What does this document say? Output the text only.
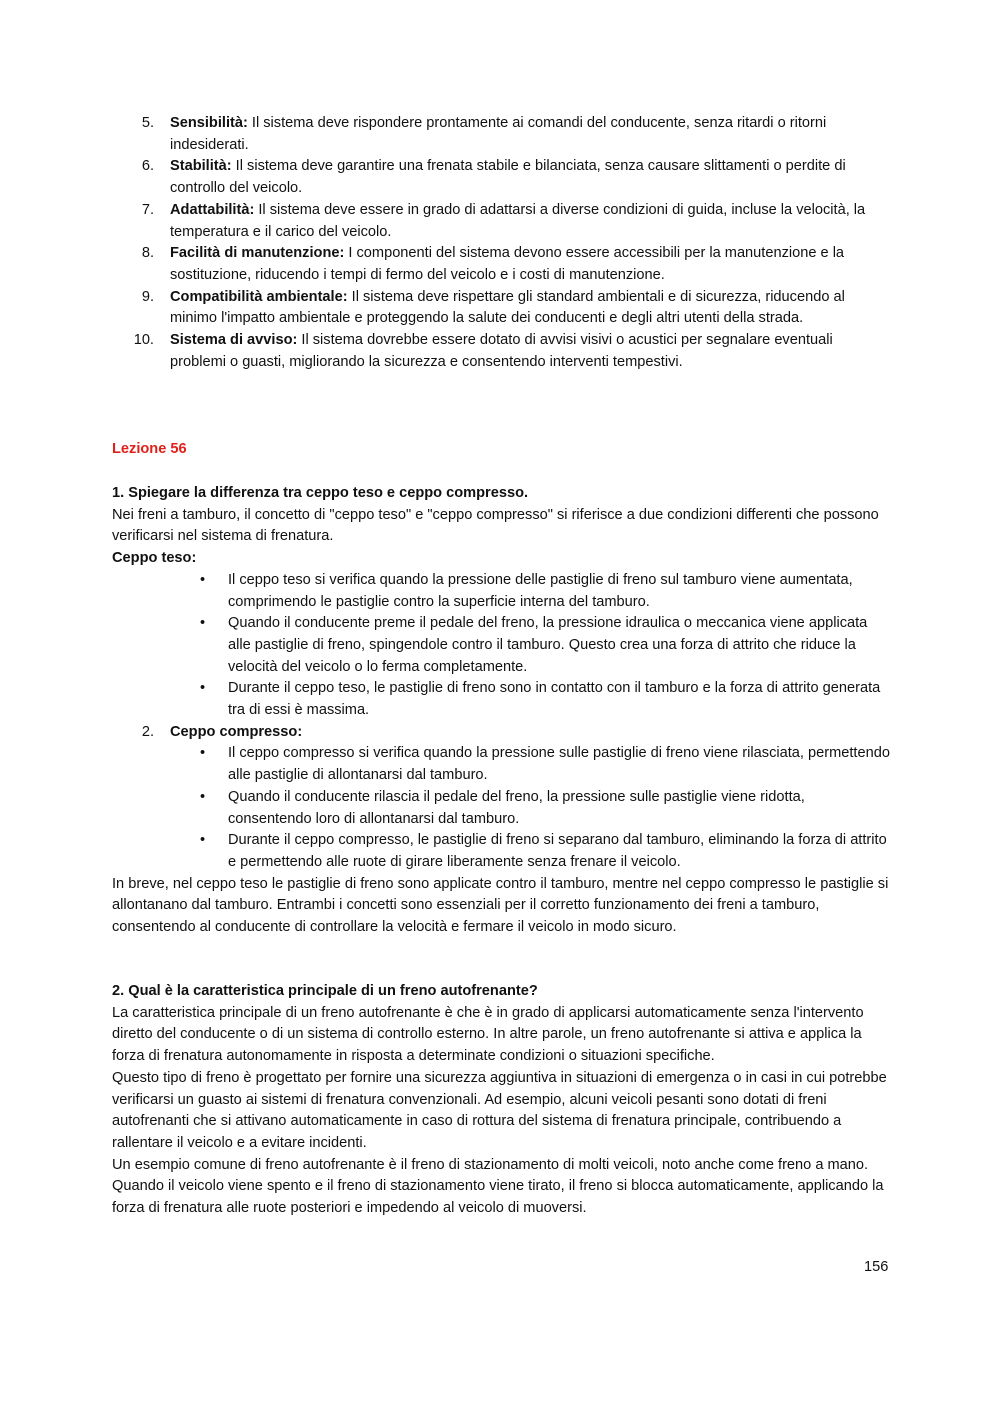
5. Sensibilità: Il sistema deve rispondere prontamente ai comandi del conducente, senza ritardi o ritorni indesiderati.
6. Stabilità: Il sistema deve garantire una frenata stabile e bilanciata, senza causare slittamenti o perdite di controllo del veicolo.
7. Adattabilità: Il sistema deve essere in grado di adattarsi a diverse condizioni di guida, incluse la velocità, la temperatura e il carico del veicolo.
8. Facilità di manutenzione: I componenti del sistema devono essere accessibili per la manutenzione e la sostituzione, riducendo i tempi di fermo del veicolo e i costi di manutenzione.
9. Compatibilità ambientale: Il sistema deve rispettare gli standard ambientali e di sicurezza, riducendo al minimo l'impatto ambientale e proteggendo la salute dei conducenti e degli altri utenti della strada.
10. Sistema di avviso: Il sistema dovrebbe essere dotato di avvisi visivi o acustici per segnalare eventuali problemi o guasti, migliorando la sicurezza e consentendo interventi tempestivi.
Lezione 56

1. Spiegare la differenza tra ceppo teso e ceppo compresso.

Nei freni a tamburo, il concetto di "ceppo teso" e "ceppo compresso" si riferisce a due condizioni differenti che possono verificarsi nel sistema di frenatura.

Ceppo teso:

• Il ceppo teso si verifica quando la pressione delle pastiglie di freno sul tamburo viene aumentata, comprimendo le pastiglie contro la superficie interna del tamburo.
• Quando il conducente preme il pedale del freno, la pressione idraulica o meccanica viene applicata alle pastiglie di freno, spingendole contro il tamburo. Questo crea una forza di attrito che riduce la velocità del veicolo o lo ferma completamente.
• Durante il ceppo teso, le pastiglie di freno sono in contatto con il tamburo e la forza di attrito generata tra di essi è massima.
2. Ceppo compresso:
• Il ceppo compresso si verifica quando la pressione sulle pastiglie di freno viene rilasciata, permettendo alle pastiglie di allontanarsi dal tamburo.
• Quando il conducente rilascia il pedale del freno, la pressione sulle pastiglie viene ridotta, consentendo loro di allontanarsi dal tamburo.
• Durante il ceppo compresso, le pastiglie di freno si separano dal tamburo, eliminando la forza di attrito e permettendo alle ruote di girare liberamente senza frenare il veicolo.

In breve, nel ceppo teso le pastiglie di freno sono applicate contro il tamburo, mentre nel ceppo compresso le pastiglie si allontanano dal tamburo. Entrambi i concetti sono essenziali per il corretto funzionamento dei freni a tamburo, consentendo al conducente di controllare la velocità e fermare il veicolo in modo sicuro.

2. Qual è la caratteristica principale di un freno autofrenante?

La caratteristica principale di un freno autofrenante è che è in grado di applicarsi automaticamente senza l'intervento diretto del conducente o di un sistema di controllo esterno. In altre parole, un freno autofrenante si attiva e applica la forza di frenatura autonomamente in risposta a determinate condizioni o situazioni specifiche.

Questo tipo di freno è progettato per fornire una sicurezza aggiuntiva in situazioni di emergenza o in casi in cui potrebbe verificarsi un guasto ai sistemi di frenatura convenzionali. Ad esempio, alcuni veicoli pesanti sono dotati di freni autofrenanti che si attivano automaticamente in caso di rottura del sistema di frenatura principale, contribuendo a rallentare il veicolo e a evitare incidenti.

Un esempio comune di freno autofrenante è il freno di stazionamento di molti veicoli, noto anche come freno a mano. Quando il veicolo viene spento e il freno di stazionamento viene tirato, il freno si blocca automaticamente, applicando la forza di frenatura alle ruote posteriori e impedendo al veicolo di muoversi.

156
